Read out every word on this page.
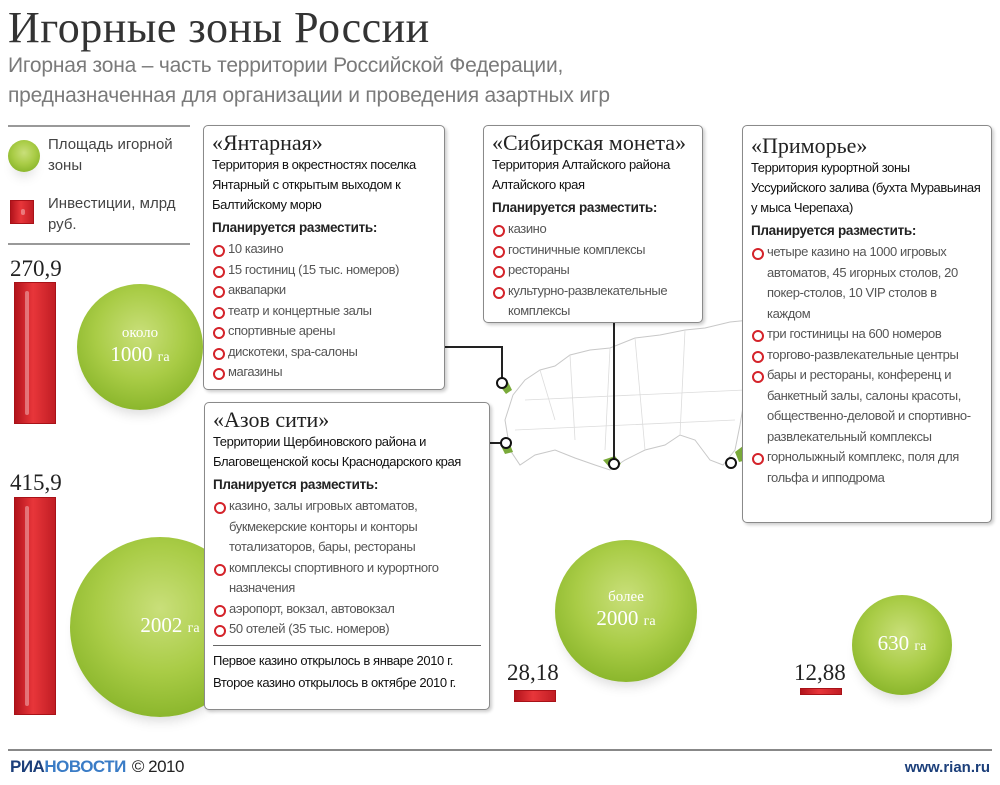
Игорные зоны России
Игорная зона – часть территории Российской Федерации,
предназначенная для организации и проведения азартных игр
Площадь игорной зоны
Инвестиции, млрд руб.
270,9
около
1000 га
415,9
2002 га
более
2000 га
28,18
630 га
12,88
«Янтарная»
Территория в окрестностях поселка Янтарный с открытым выходом к Балтийскому морю
Планируется разместить:
10 казино
15 гостиниц (15 тыс. номеров)
аквапарки
театр и концертные залы
спортивные арены
дискотеки, spa-салоны
магазины
«Сибирская монета»
Территория Алтайского района Алтайского края
Планируется разместить:
казино
гостиничные комплексы
рестораны
культурно-развлекательные комплексы
«Приморье»
Территория курортной зоны Уссурийского залива (бухта Муравьиная у мыса Черепаха)
Планируется разместить:
четыре казино на 1000 игровых автоматов, 45 игорных столов, 20 покер-столов, 10 VIP столов в каждом
три гостиницы на 600 номеров
торгово-развлекательные центры
бары и рестораны, конференц и банкетный залы, салоны красоты, общественно-деловой и спортивно- развлекательный комплексы
горнолыжный комплекс, поля для гольфа и ипподрома
«Азов сити»
Территории Щербиновского района и Благовещенской косы Краснодарского края
Планируется разместить:
казино, залы игровых автоматов, букмекерские конторы и конторы тотализаторов, бары, рестораны
комплексы спортивного и курортного назначения
аэропорт, вокзал, автовокзал
50 отелей (35 тыс. номеров)
Первое казино открылось в январе 2010 г.
Второе казино открылось в октябре 2010 г.
РИАНОВОСТИ © 2010	www.rian.ru
